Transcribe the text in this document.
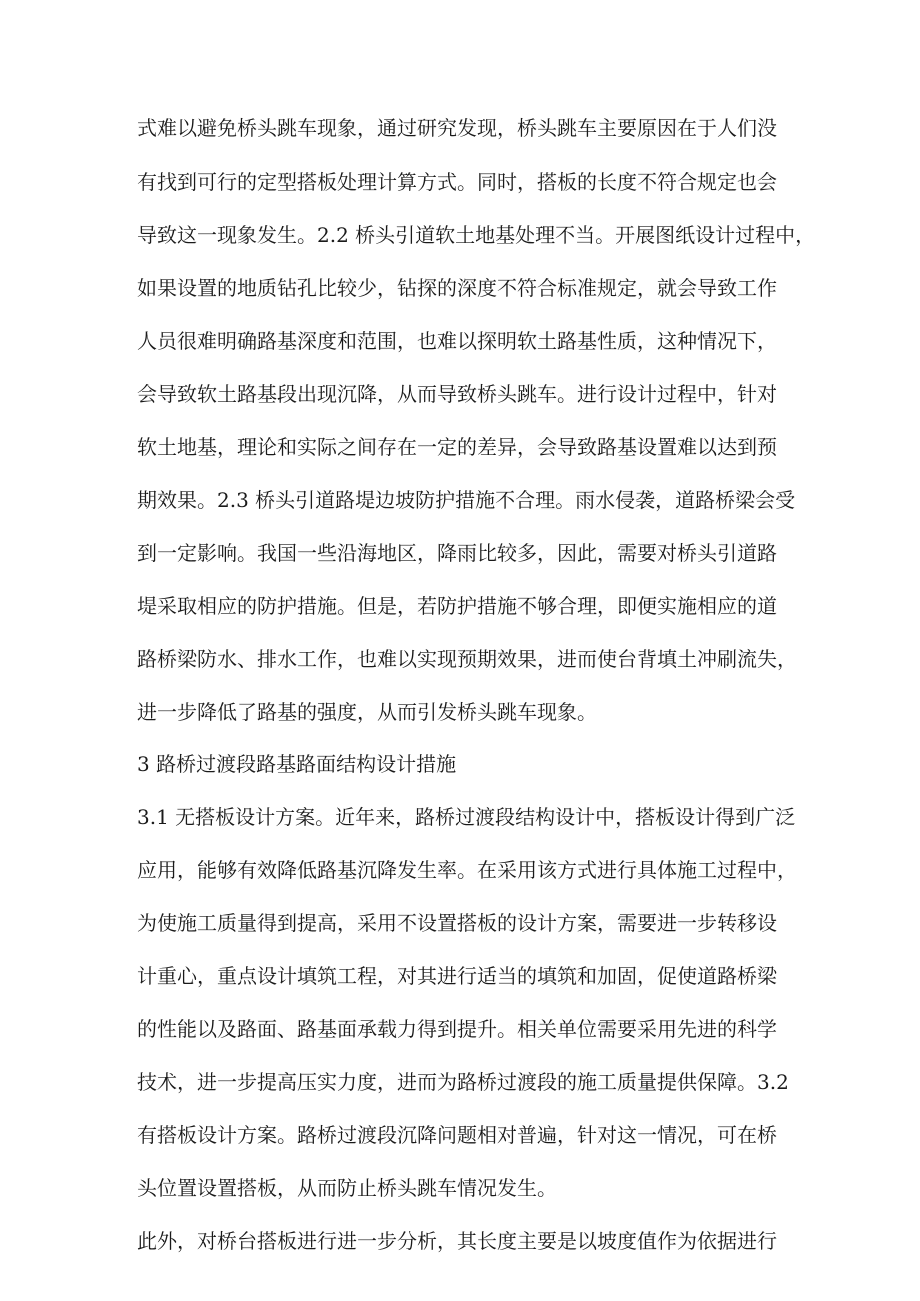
式难以避免桥头跳车现象，通过研究发现，桥头跳车主要原因在于人们没
有找到可行的定型搭板处理计算方式。同时，搭板的长度不符合规定也会
导致这一现象发生。2.2 桥头引道软土地基处理不当。开展图纸设计过程中，
如果设置的地质钻孔比较少，钻探的深度不符合标准规定，就会导致工作
人员很难明确路基深度和范围，也难以探明软土路基性质，这种情况下，
会导致软土路基段出现沉降，从而导致桥头跳车。进行设计过程中，针对
软土地基，理论和实际之间存在一定的差异，会导致路基设置难以达到预
期效果。2.3 桥头引道路堤边坡防护措施不合理。雨水侵袭，道路桥梁会受
到一定影响。我国一些沿海地区，降雨比较多，因此，需要对桥头引道路
堤采取相应的防护措施。但是，若防护措施不够合理，即便实施相应的道
路桥梁防水、排水工作，也难以实现预期效果，进而使台背填土冲刷流失，
进一步降低了路基的强度，从而引发桥头跳车现象。
3 路桥过渡段路基路面结构设计措施
3.1 无搭板设计方案。近年来，路桥过渡段结构设计中，搭板设计得到广泛
应用，能够有效降低路基沉降发生率。在采用该方式进行具体施工过程中，
为使施工质量得到提高，采用不设置搭板的设计方案，需要进一步转移设
计重心，重点设计填筑工程，对其进行适当的填筑和加固，促使道路桥梁
的性能以及路面、路基面承载力得到提升。相关单位需要采用先进的科学
技术，进一步提高压实力度，进而为路桥过渡段的施工质量提供保障。3.2
有搭板设计方案。路桥过渡段沉降问题相对普遍，针对这一情况，可在桥
头位置设置搭板，从而防止桥头跳车情况发生。
此外，对桥台搭板进行进一步分析，其长度主要是以坡度值作为依据进行
